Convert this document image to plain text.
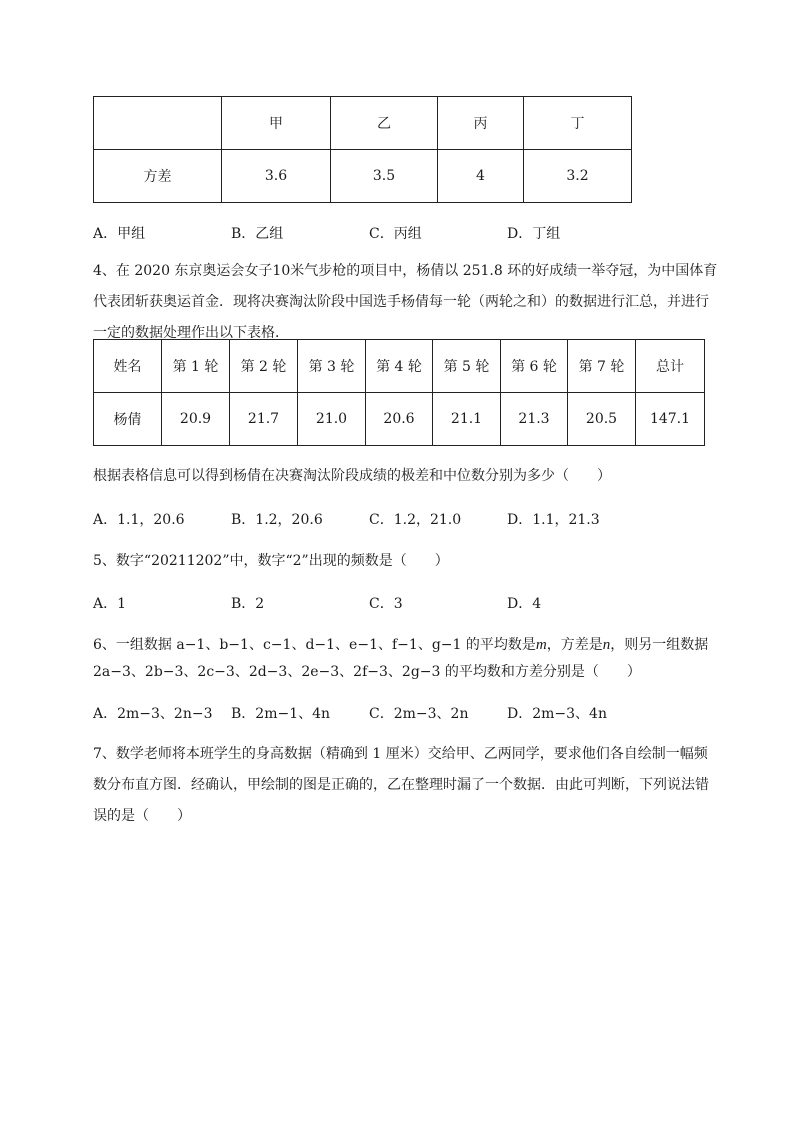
	甲	乙	丙	丁
方差	3.6	3.5	4	3.2
A．甲组	B．乙组	C．丙组	D．丁组
4、在 2020 东京奥运会女子10米气步枪的项目中，杨倩以 251.8 环的好成绩一举夺冠，为中国体育
代表团斩获奥运首金．现将决赛淘汰阶段中国选手杨倩每一轮（两轮之和）的数据进行汇总，并进行
一定的数据处理作出以下表格．
姓名	第 1 轮	第 2 轮	第 3 轮	第 4 轮	第 5 轮	第 6 轮	第 7 轮	总计
杨倩	20.9	21.7	21.0	20.6	21.1	21.3	20.5	147.1
根据表格信息可以得到杨倩在决赛淘汰阶段成绩的极差和中位数分别为多少（　　）
A．1.1，20.6	B．1.2，20.6	C．1.2，21.0	D．1.1，21.3
5、数字“20211202”中，数字“2”出现的频数是（　　）
A．1	B．2	C．3	D．4
6、一组数据 a−1、b−1、c−1、d−1、e−1、f−1、g−1 的平均数是m，方差是n，则另一组数据
2a−3、2b−3、2c−3、2d−3、2e−3、2f−3、2g−3 的平均数和方差分别是（　　）
A．2m−3、2n−3	B．2m−1、4n	C．2m−3、2n	D．2m−3、4n
7、数学老师将本班学生的身高数据（精确到 1 厘米）交给甲、乙两同学，要求他们各自绘制一幅频
数分布直方图．经确认，甲绘制的图是正确的，乙在整理时漏了一个数据．由此可判断，下列说法错
误的是（　　）
